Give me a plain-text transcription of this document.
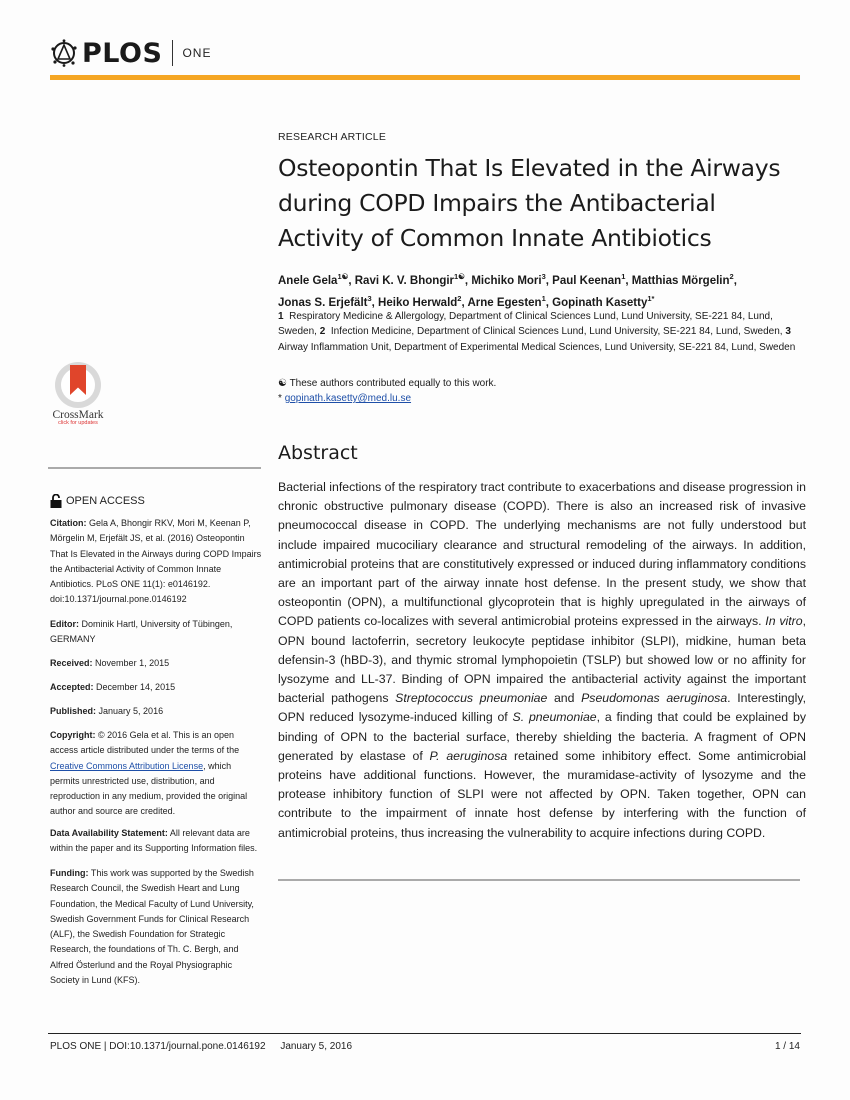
PLOS ONE
CrossMark
click for updates
OPEN ACCESS
Citation: Gela A, Bhongir RKV, Mori M, Keenan P, Mörgelin M, Erjefält JS, et al. (2016) Osteopontin That Is Elevated in the Airways during COPD Impairs the Antibacterial Activity of Common Innate Antibiotics. PLoS ONE 11(1): e0146192. doi:10.1371/journal.pone.0146192
Editor: Dominik Hartl, University of Tübingen, GERMANY
Received: November 1, 2015
Accepted: December 14, 2015
Published: January 5, 2016
Copyright: © 2016 Gela et al. This is an open access article distributed under the terms of the Creative Commons Attribution License, which permits unrestricted use, distribution, and reproduction in any medium, provided the original author and source are credited.
Data Availability Statement: All relevant data are within the paper and its Supporting Information files.
Funding: This work was supported by the Swedish Research Council, the Swedish Heart and Lung Foundation, the Medical Faculty of Lund University, Swedish Government Funds for Clinical Research (ALF), the Swedish Foundation for Strategic Research, the foundations of Th. C. Bergh, and Alfred Österlund and the Royal Physiographic Society in Lund (KFS).
RESEARCH ARTICLE
Osteopontin That Is Elevated in the Airways
during COPD Impairs the Antibacterial
Activity of Common Innate Antibiotics
Anele Gela$^{1☯}$, Ravi K. V. Bhongir$^{1☯}$, Michiko Mori$^3$, Paul Keenan$^1$, Matthias Mörgelin$^2$,
Jonas S. Erjefält$^3$, Heiko Herwald$^2$, Arne Egesten$^1$, Gopinath Kasetty$^{1*}$
1 Respiratory Medicine & Allergology, Department of Clinical Sciences Lund, Lund University, SE-221 84, Lund, Sweden, 2 Infection Medicine, Department of Clinical Sciences Lund, Lund University, SE-221 84, Lund, Sweden, 3  Airway Inflammation Unit, Department of Experimental Medical Sciences, Lund University, SE-221 84, Lund, Sweden
☯ These authors contributed equally to this work.
* gopinath.kasetty@med.lu.se
Abstract
Bacterial infections of the respiratory tract contribute to exacerbations and disease progression in chronic obstructive pulmonary disease (COPD). There is also an increased risk of invasive pneumococcal disease in COPD. The underlying mechanisms are not fully understood but include impaired mucociliary clearance and structural remodeling of the airways. In addition, antimicrobial proteins that are constitutively expressed or induced during inflammatory conditions are an important part of the airway innate host defense. In the present study, we show that osteopontin (OPN), a multifunctional glycoprotein that is highly upregulated in the airways of COPD patients co-localizes with several antimicrobial proteins expressed in the airways. In vitro, OPN bound lactoferrin, secretory leukocyte peptidase inhibitor (SLPI), midkine, human beta defensin-3 (hBD-3), and thymic stromal lymphopoietin (TSLP) but showed low or no affinity for lysozyme and LL-37. Binding of OPN impaired the antibacterial activity against the important bacterial pathogens Streptococcus pneumoniae and Pseudomonas aeruginosa. Interestingly, OPN reduced lysozyme-induced killing of S. pneumoniae, a finding that could be explained by binding of OPN to the bacterial surface, thereby shielding the bacteria. A fragment of OPN generated by elastase of P. aeruginosa retained some inhibitory effect. Some antimicrobial proteins have additional functions. However, the muramidase-activity of lysozyme and the protease inhibitory function of SLPI were not affected by OPN. Taken together, OPN can contribute to the impairment of innate host defense by interfering with the function of antimicrobial proteins, thus increasing the vulnerability to acquire infections during COPD.
PLOS ONE | DOI:10.1371/journal.pone.0146192 January 5, 2016	1 / 14
